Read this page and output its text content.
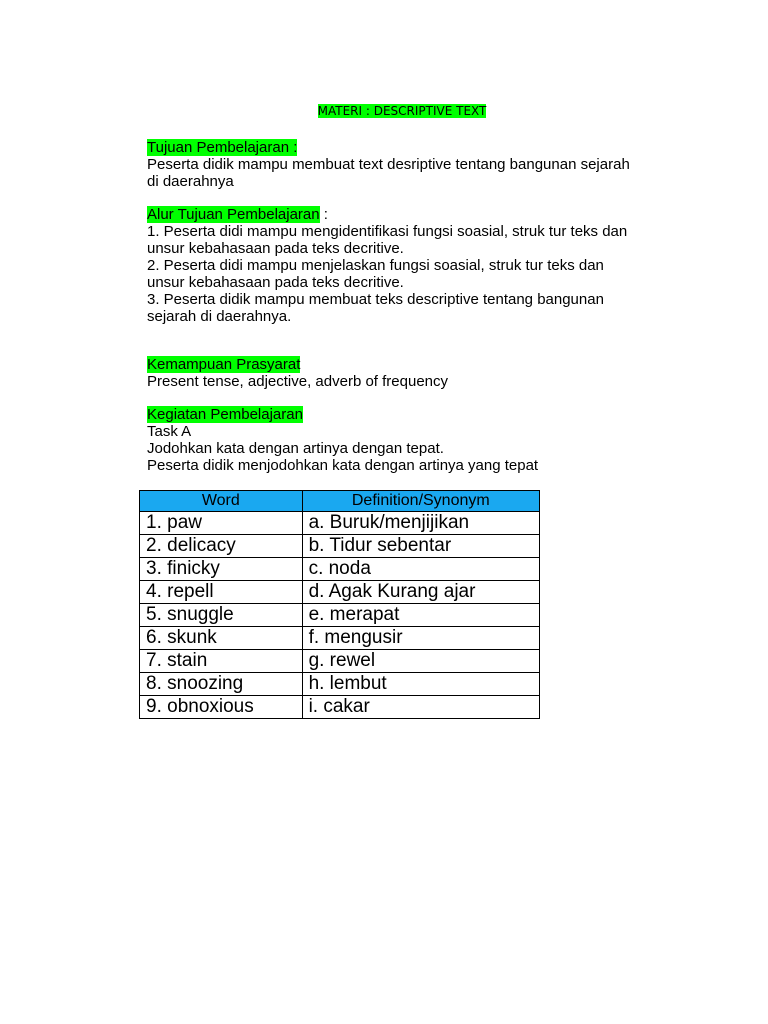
MATERI : DESCRIPTIVE TEXT
Tujuan Pembelajaran :
Peserta didik mampu membuat text desriptive tentang bangunan sejarah
di daerahnya
Alur Tujuan Pembelajaran :
1. Peserta didi mampu mengidentifikasi fungsi soasial, struk tur teks dan
unsur kebahasaan pada teks decritive.
2. Peserta didi mampu menjelaskan fungsi soasial, struk tur teks dan
unsur kebahasaan pada teks decritive.
3. Peserta didik mampu membuat teks descriptive tentang bangunan
sejarah di daerahnya.
Kemampuan Prasyarat
Present tense, adjective, adverb of frequency
Kegiatan Pembelajaran
Task A
Jodohkan kata dengan artinya dengan tepat.
Peserta didik menjodohkan kata dengan artinya yang tepat
Word	Definition/Synonym
1. paw	a. Buruk/menjijikan
2. delicacy	b. Tidur sebentar
3. finicky	c. noda
4. repell	d. Agak Kurang ajar
5. snuggle	e. merapat
6. skunk	f. mengusir
7. stain	g. rewel
8. snoozing	h. lembut
9. obnoxious	i. cakar
